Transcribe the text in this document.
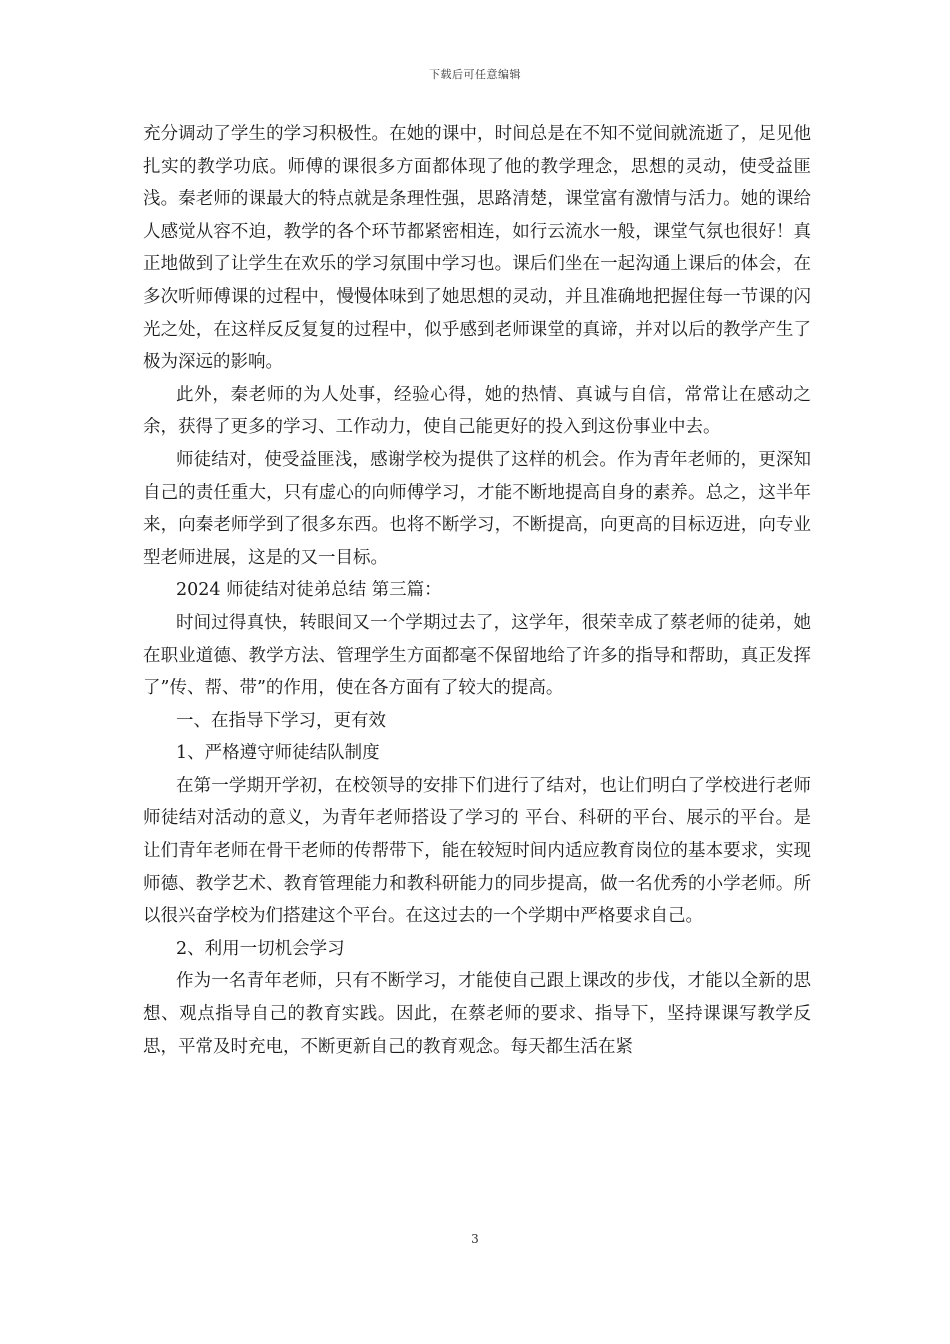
下载后可任意编辑

充分调动了学生的学习积极性。在她的课中，时间总是在不知不觉间就流逝了，足见他扎实的教学功底。师傅的课很多方面都体现了他的教学理念，思想的灵动，使受益匪浅。秦老师的课最大的特点就是条理性强，思路清楚，课堂富有激情与活力。她的课给人感觉从容不迫，教学的各个环节都紧密相连，如行云流水一般，课堂气氛也很好！真正地做到了让学生在欢乐的学习氛围中学习也。课后们坐在一起沟通上课后的体会，在多次听师傅课的过程中，慢慢体味到了她思想的灵动，并且准确地把握住每一节课的闪光之处，在这样反反复复的过程中，似乎感到老师课堂的真谛，并对以后的教学产生了极为深远的影响。

此外，秦老师的为人处事，经验心得，她的热情、真诚与自信，常常让在感动之余，获得了更多的学习、工作动力，使自己能更好的投入到这份事业中去。

师徒结对，使受益匪浅，感谢学校为提供了这样的机会。作为青年老师的，更深知自己的责任重大，只有虚心的向师傅学习，才能不断地提高自身的素养。总之，这半年来，向秦老师学到了很多东西。也将不断学习，不断提高，向更高的目标迈进，向专业型老师进展，这是的又一目标。

2024 师徒结对徒弟总结 第三篇：

时间过得真快，转眼间又一个学期过去了，这学年，很荣幸成了蔡老师的徒弟，她在职业道德、教学方法、管理学生方面都毫不保留地给了许多的指导和帮助，真正发挥了”传、帮、带”的作用，使在各方面有了较大的提高。

一、在指导下学习，更有效

1、严格遵守师徒结队制度

在第一学期开学初，在校领导的安排下们进行了结对，也让们明白了学校进行老师师徒结对活动的意义，为青年老师搭设了学习的 平台、科研的平台、展示的平台。是让们青年老师在骨干老师的传帮带下，能在较短时间内适应教育岗位的基本要求，实现师德、教学艺术、教育管理能力和教科研能力的同步提高，做一名优秀的小学老师。所以很兴奋学校为们搭建这个平台。在这过去的一个学期中严格要求自己。

2、利用一切机会学习

作为一名青年老师，只有不断学习，才能使自己跟上课改的步伐，才能以全新的思想、观点指导自己的教育实践。因此，在蔡老师的要求、指导下，坚持课课写教学反思，平常及时充电，不断更新自己的教育观念。每天都生活在紧

3
